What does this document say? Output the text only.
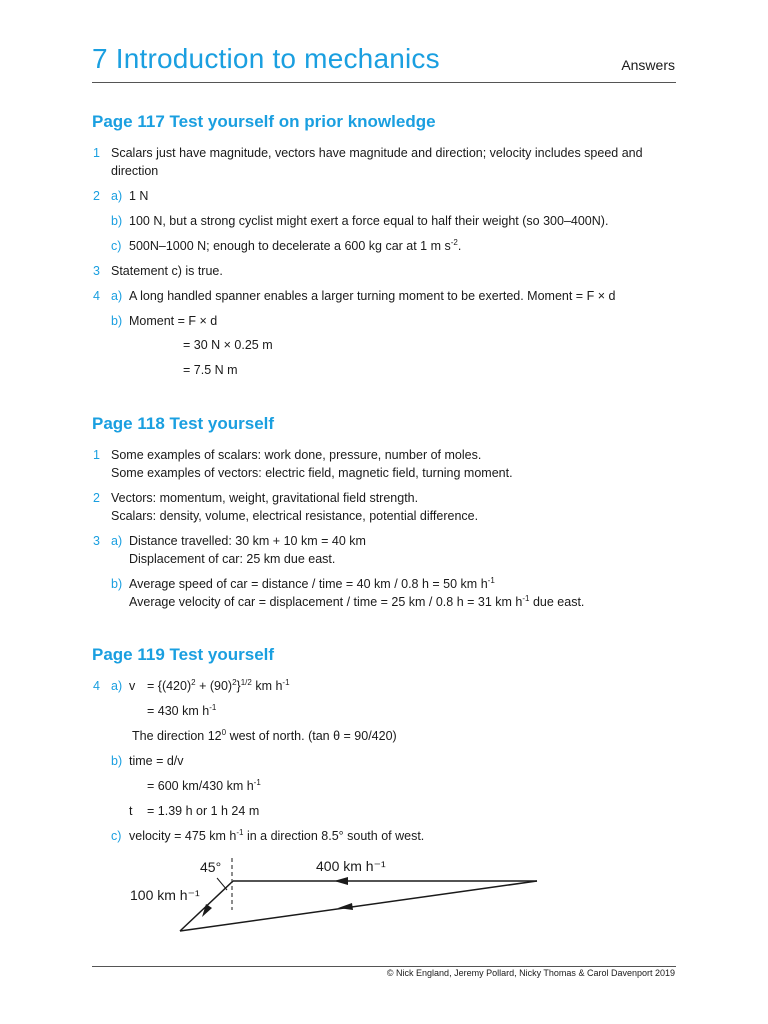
7 Introduction to mechanics	Answers
Page 117 Test yourself on prior knowledge
1 Scalars just have magnitude, vectors have magnitude and direction; velocity includes speed and
direction
2 a) 1 N
b) 100 N, but a strong cyclist might exert a force equal to half their weight (so 300–400N).
c) 500N–1000 N; enough to decelerate a 600 kg car at 1 m $s^{-2}$.
3 Statement c) is true.
4 a) A long handled spanner enables a larger turning moment to be exerted. Moment = F × d
b) Moment = F × d
= 30 N × 0.25 m
= 7.5 N m
Page 118 Test yourself
1 Some examples of scalars: work done, pressure, number of moles.
Some examples of vectors: electric field, magnetic field, turning moment.
2 Vectors: momentum, weight, gravitational field strength.
Scalars: density, volume, electrical resistance, potential difference.
3 a) Distance travelled: 30 km + 10 km = 40 km
Displacement of car: 25 km due east.
b) Average speed of car = distance / time = 40 km / 0.8 h = 50 km $h^{-1}$
Average velocity of car = displacement / time = 25 km / 0.8 h = 31 km $h^{-1}$ due east.
Page 119 Test yourself
4 a) $v = \{(420)^2 + (90)^2\}^{1/2}$ km $h^{-1}$
= 430 km $h^{-1}$
The direction $12^0$ west of north. (tan θ = 90/420)
b) time = d/v
= 600 km/430 km $h^{-1}$
t = 1.39 h or 1 h 24 m
c) velocity = 475 km $h^{-1}$ in a direction 8.5° south of west.
45°	400 km h⁻¹
100 km h⁻¹
© Nick England, Jeremy Pollard, Nicky Thomas & Carol Davenport 2019
